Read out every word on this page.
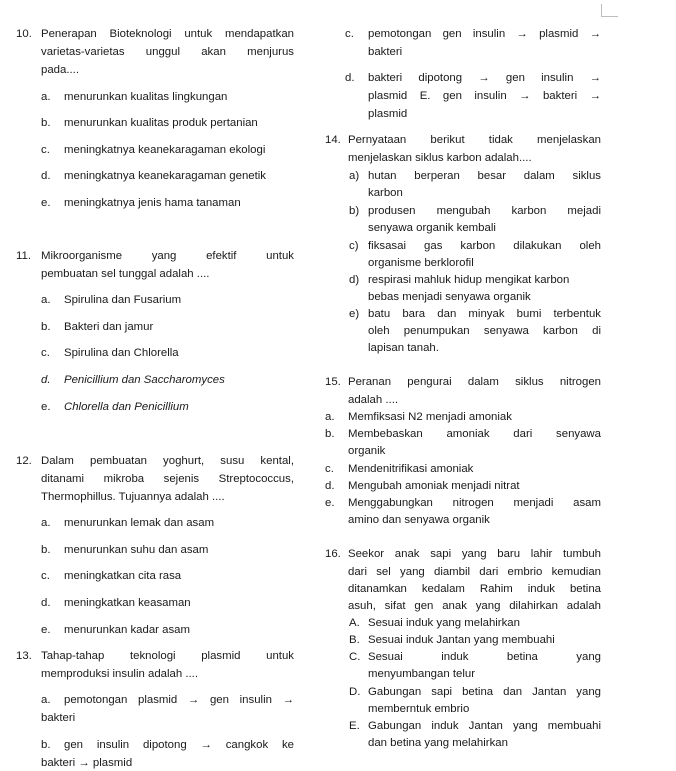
10. Penerapan Bioteknologi untuk mendapatkan
varietas-varietas unggul akan menjurus
pada....
a. menurunkan kualitas lingkungan
b. menurunkan kualitas produk pertanian
c. meningkatnya keanekaragaman ekologi
d. meningkatnya keanekaragaman genetik
e. meningkatnya jenis hama tanaman
11. Mikroorganisme yang efektif untuk
pembuatan sel tunggal adalah ....
a. Spirulina dan Fusarium
b. Bakteri dan jamur
c. Spirulina dan Chlorella
d. Penicillium dan Saccharomyces
e. Chlorella dan Penicillium
12. Dalam pembuatan yoghurt, susu kental,
ditanami mikroba sejenis Streptococcus,
Thermophillus. Tujuannya adalah ....
a. menurunkan lemak dan asam
b. menurunkan suhu dan asam
c. meningkatkan cita rasa
d. meningkatkan keasaman
e. menurunkan kadar asam
13. Tahap-tahap teknologi plasmid untuk
memproduksi insulin adalah ....
a. pemotongan plasmid → gen insulin →
bakteri
b. gen insulin dipotong → cangkok ke
bakteri → plasmid
c. pemotongan gen insulin → plasmid →
bakteri
d. bakteri dipotong → gen insulin →
plasmid E. gen insulin → bakteri →
plasmid
14. Pernyataan berikut tidak menjelaskan
menjelaskan siklus karbon adalah....
a) hutan berperan besar dalam siklus
karbon
b) produsen mengubah karbon mejadi
senyawa organik kembali
c) fiksasai gas karbon dilakukan oleh
organisme berklorofil
d) respirasi mahluk hidup mengikat karbon
bebas menjadi senyawa organik
e) batu bara dan minyak bumi terbentuk
oleh penumpukan senyawa karbon di
lapisan tanah.
15. Peranan pengurai dalam siklus nitrogen
adalah ....
a. Memfiksasi N2 menjadi amoniak
b. Membebaskan amoniak dari senyawa
organik
c. Mendenitrifikasi amoniak
d. Mengubah amoniak menjadi nitrat
e. Menggabungkan nitrogen menjadi asam
amino dan senyawa organik
16. Seekor anak sapi yang baru lahir tumbuh
dari sel yang diambil dari embrio kemudian
ditanamkan kedalam Rahim induk betina
asuh, sifat gen anak yang dilahirkan adalah
A. Sesuai induk yang melahirkan
B. Sesuai induk Jantan yang membuahi
C. Sesuai induk betina yang
menyumbangan telur
D. Gabungan sapi betina dan Jantan yang
memberntuk embrio
E. Gabungan induk Jantan yang membuahi
dan betina yang melahirkan
